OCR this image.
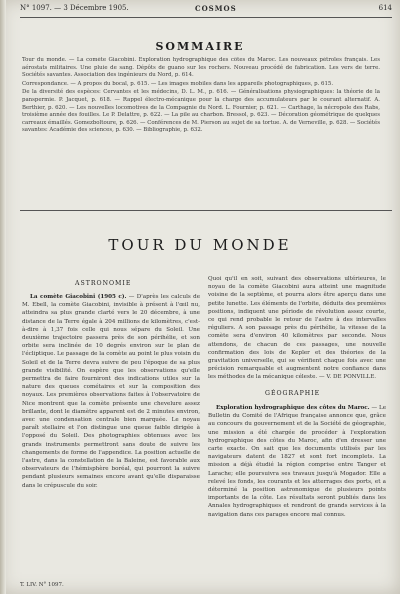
N° 1097. — 3 Décembre 1905.	COSMOS	614
SOMMAIRE

Tour du monde. — La comète Giacobini. Exploration hydrographique des côtes du Maroc. Les nouveaux pétroles français. Les aérostats militaires. Une pluie de sang. Dépôts de guano sur les rochers. Nouveau procédé de fabrication. Les vers de terre. Sociétés savantes. Association des ingénieurs du Nord, p. 614.

Correspondance. — A propos du bocal, p. 615. — Les images mobiles dans les appareils photographiques, p. 615.

De la diversité des espèces: Cervantes et les médecins, D. L. M., p. 616. — Généralisations physiographiques: la théorie de la panspermie. P. Jacquet, p. 618. — Rappel électro-mécanique pour la charge des accumulateurs par le courant alternatif. A. Berthier, p. 620. — Les nouvelles locomotives de la Compagnie du Nord. L. Fournier, p. 621. — Carthage, la nécropole des Rabs, troisième année des fouilles. Le P. Delattre, p. 622. — La pile au charbon. Bressol, p. 623. — Décoration géométrique de quelques carreaux émaillés. Gomezboltoure, p. 626. — Conférences de M. Pierson au sujet de sa tortue. A. de Verneville, p. 628. — Sociétés savantes: Académie des sciences, p. 630. — Bibliographie, p. 632.

TOUR DU MONDE
ASTRONOMIE
La comète Giacobini (1905 c). — D'après les calculs de M. Ebell, la comète Giacobini, invisible à présent à l'œil nu, atteindra sa plus grande clarté vers le 20 décembre, à une distance de la Terre égale à 204 millions de kilomètres, c'est-à-dire à 1,37 fois celle qui nous sépare du Soleil. Une deuxième trajectoire passera près de son périhélie, et son orbite sera inclinée de 10 degrés environ sur le plan de l'écliptique. Le passage de la comète au point le plus voisin du Soleil et de la Terre devra suivre de peu l'époque de sa plus grande visibilité. On espère que les observations qu'elle permettra de faire fourniront des indications utiles sur la nature des queues cométaires et sur la composition des noyaux. Les premières observations faites à l'observatoire de Nice montrent que la comète présente une chevelure assez brillante, dont le diamètre apparent est de 2 minutes environ, avec une condensation centrale bien marquée. Le noyau paraît stellaire et l'on distingue une queue faible dirigée à l'opposé du Soleil. Des photographies obtenues avec les grands instruments permettront sans doute de suivre les changements de forme de l'appendice. La position actuelle de l'astre, dans la constellation de la Baleine, est favorable aux observateurs de l'hémisphère boréal, qui pourront la suivre pendant plusieurs semaines encore avant qu'elle disparaisse dans le crépuscule du soir.
Quoi qu'il en soit, suivant des observations ultérieures, le noyau de la comète Giacobini aura atteint une magnitude voisine de la septième, et pourra alors être aperçu dans une petite lunette. Les éléments de l'orbite, déduits des premières positions, indiquent une période de révolution assez courte, ce qui rend probable le retour de l'astre à des intervalles réguliers. A son passage près du périhélie, la vitesse de la comète sera d'environ 40 kilomètres par seconde. Nous attendons, de chacun de ces passages, une nouvelle confirmation des lois de Kepler et des théories de la gravitation universelle, qui se vérifient chaque fois avec une précision remarquable et augmentent notre confiance dans les méthodes de la mécanique céleste. — V. DE PONVILLE.
GÉOGRAPHIE
Exploration hydrographique des côtes du Maroc. — Le Bulletin du Comité de l'Afrique française annonce que, grâce au concours du gouvernement et de la Société de géographie, une mission a été chargée de procéder à l'exploration hydrographique des côtes du Maroc, afin d'en dresser une carte exacte. On sait que les documents utilisés par les navigateurs datent de 1827 et sont fort incomplets. La mission a déjà étudié la région comprise entre Tanger et Larache; elle poursuivra ses travaux jusqu'à Mogador. Elle a relevé les fonds, les courants et les atterrages des ports, et a déterminé la position astronomique de plusieurs points importants de la côte. Les résultats seront publiés dans les Annales hydrographiques et rendront de grands services à la navigation dans ces parages encore mal connus.
T. LIV. N° 1097.
